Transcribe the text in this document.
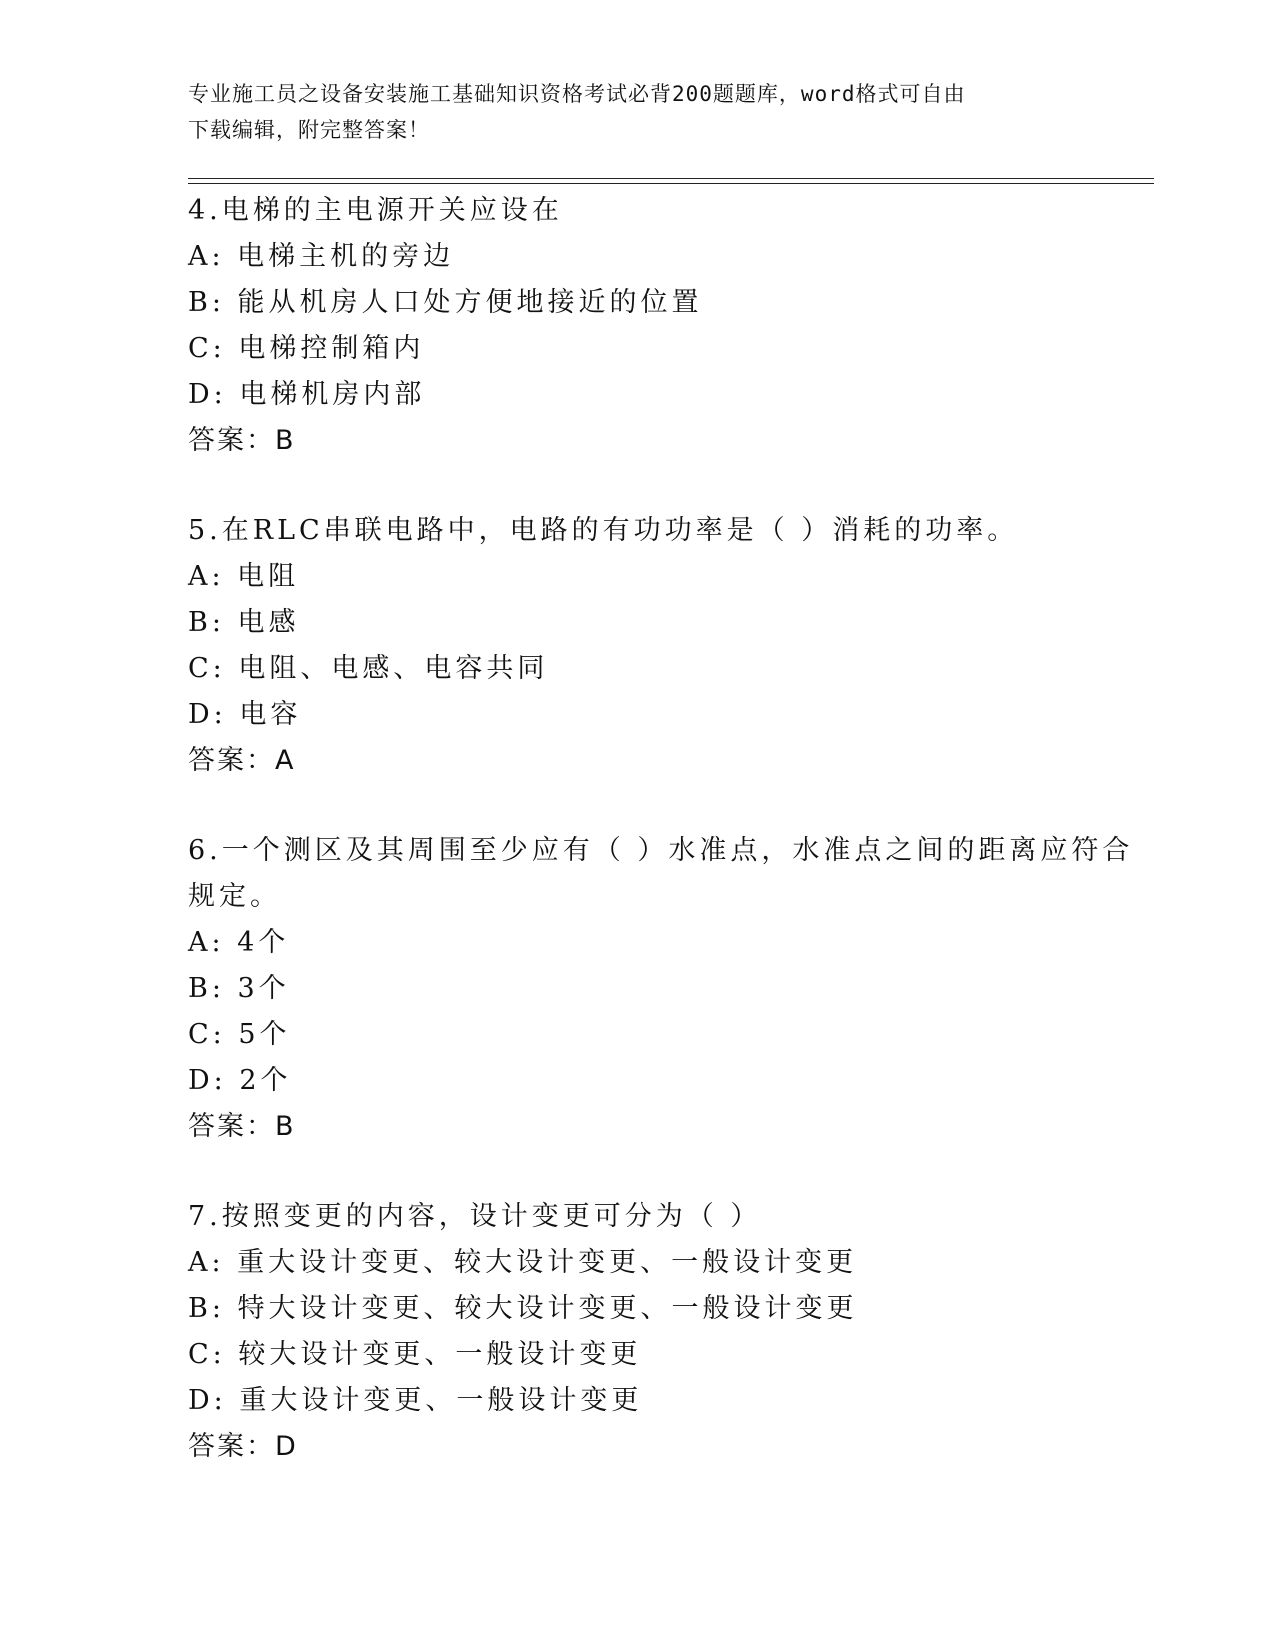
专业施工员之设备安装施工基础知识资格考试必背200题题库，word格式可自由
下载编辑，附完整答案！
4.电梯的主电源开关应设在
A: 电梯主机的旁边
B: 能从机房人口处方便地接近的位置
C: 电梯控制箱内
D: 电梯机房内部
答案：B
5.在RLC串联电路中，电路的有功功率是（ ）消耗的功率。
A: 电阻
B: 电感
C: 电阻、电感、电容共同
D: 电容
答案：A
6.一个测区及其周围至少应有（ ）水准点，水准点之间的距离应符合
规定。
A: 4个
B: 3个
C: 5个
D: 2个
答案：B
7.按照变更的内容，设计变更可分为（ ）
A: 重大设计变更、较大设计变更、一般设计变更
B: 特大设计变更、较大设计变更、一般设计变更
C: 较大设计变更、一般设计变更
D: 重大设计变更、一般设计变更
答案：D
